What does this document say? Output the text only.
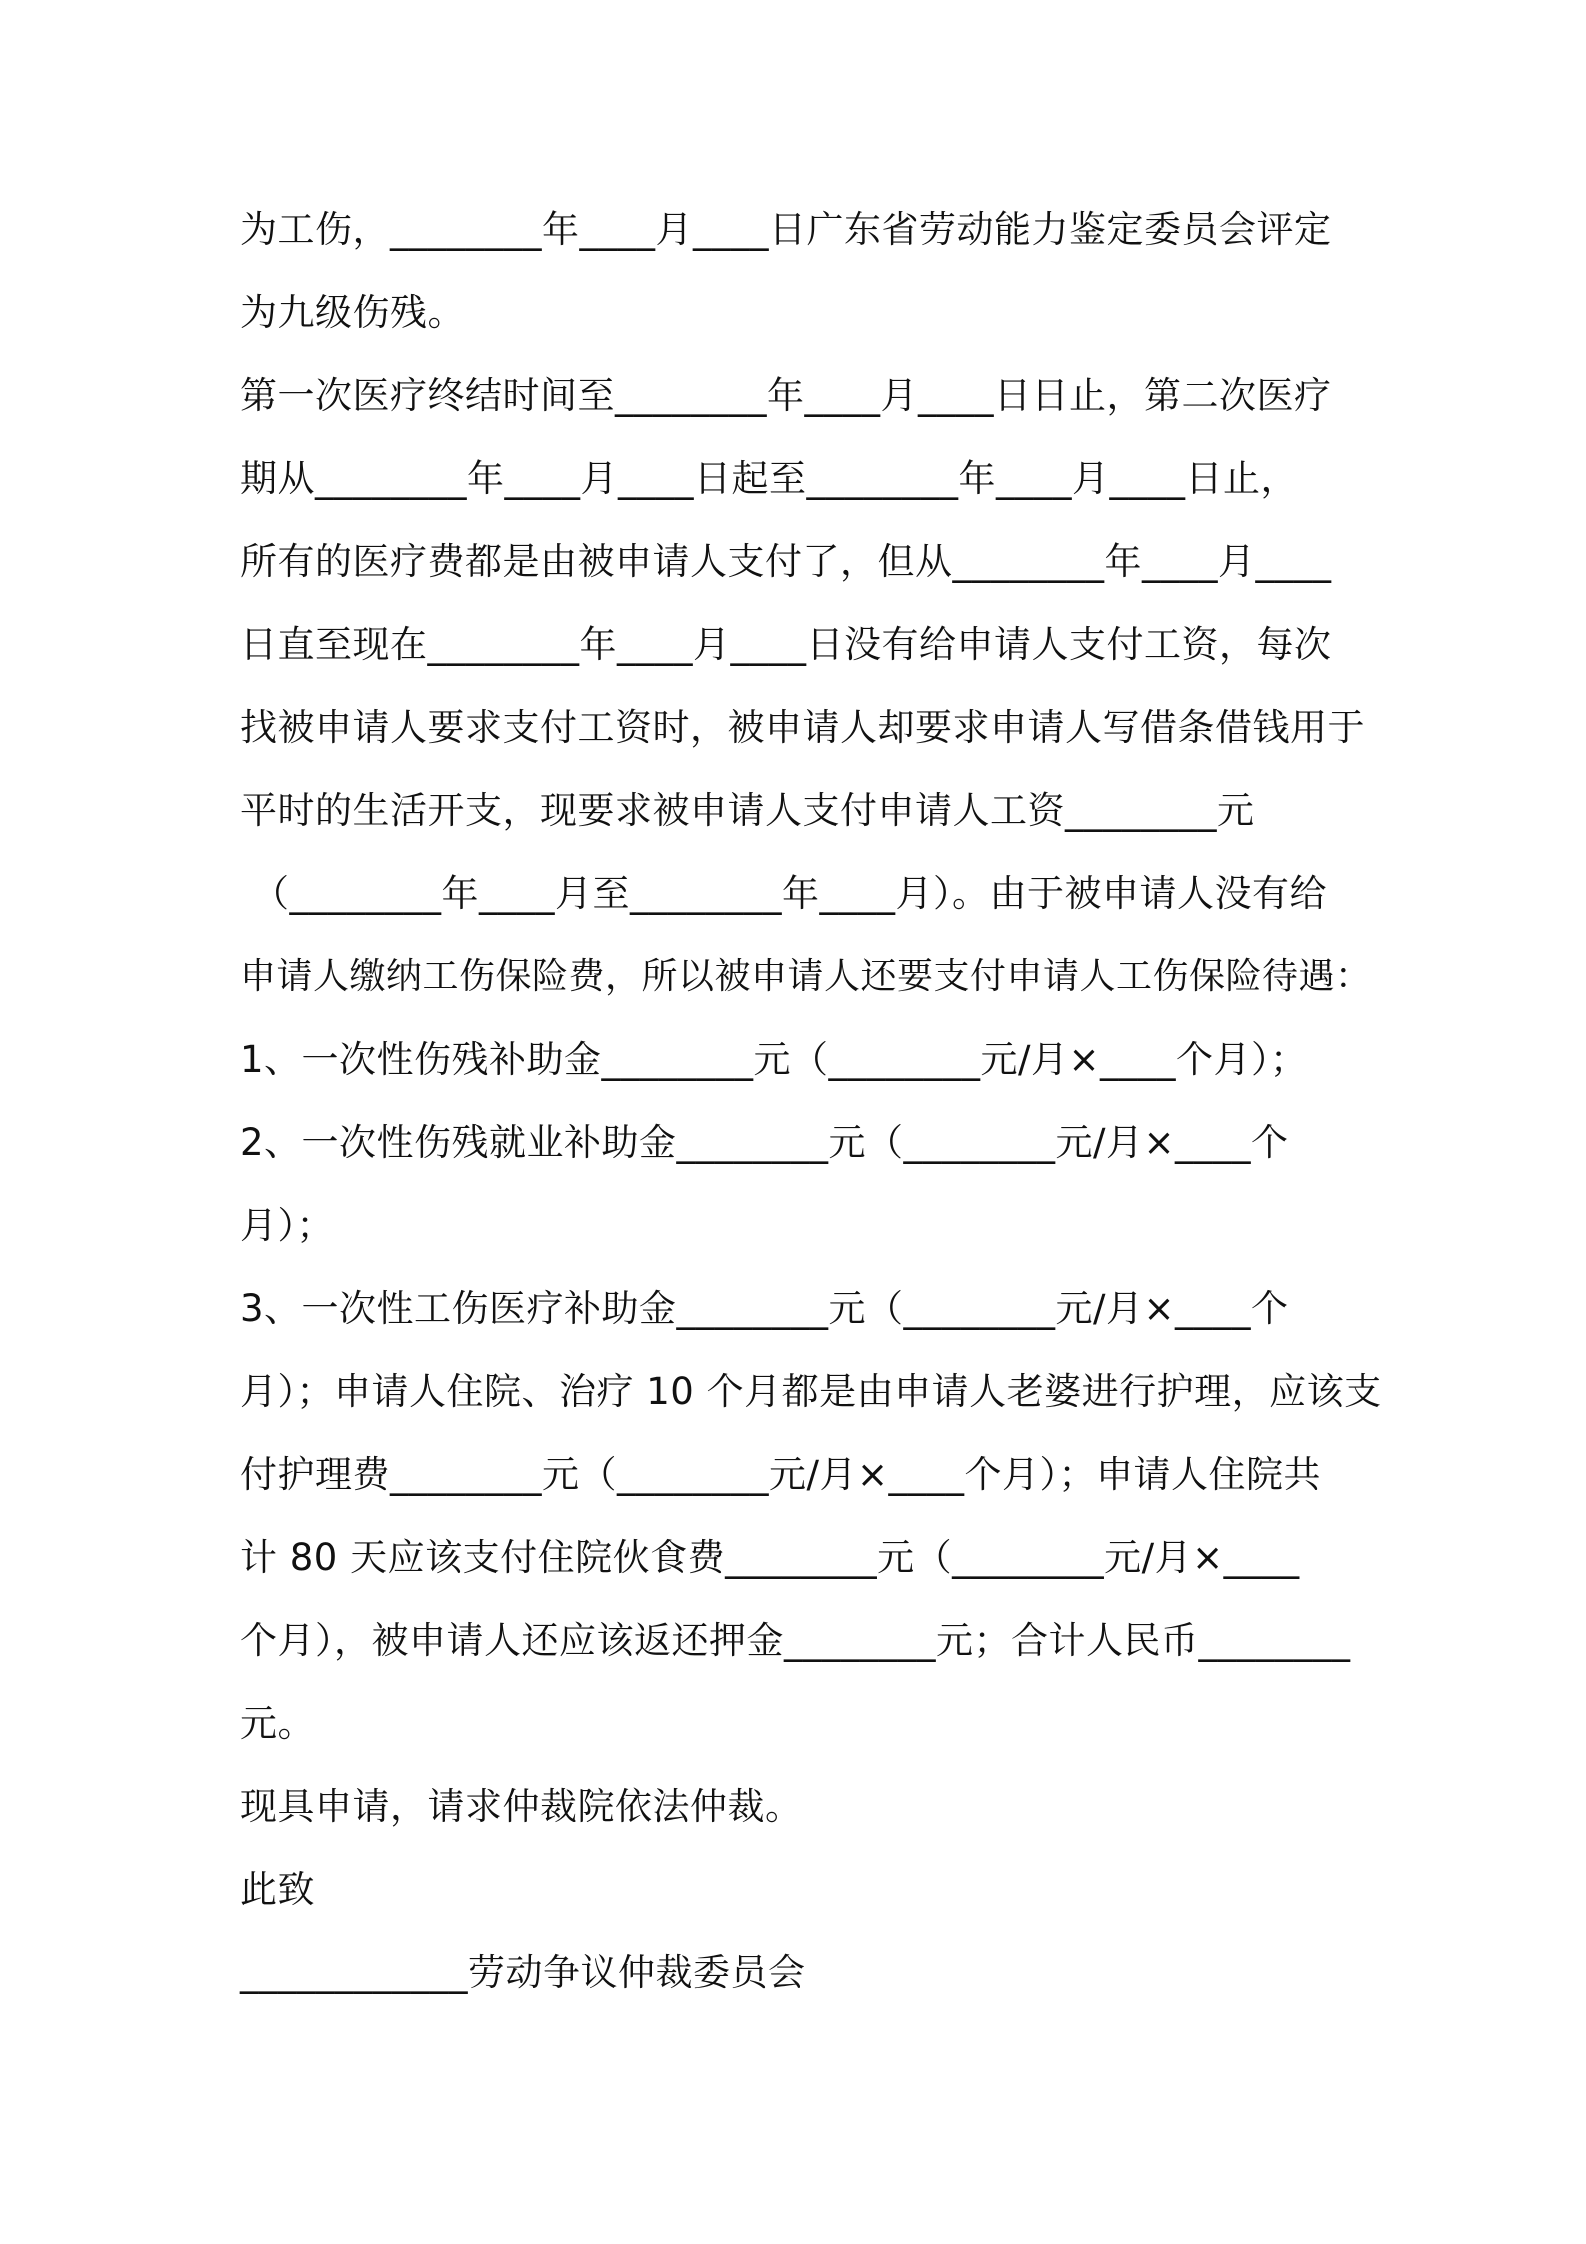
为工伤，________年____月____日广东省劳动能力鉴定委员会评定

为九级伤残。

第一次医疗终结时间至________年____月____日日止，第二次医疗

期从________年____月____日起至________年____月____日止，

所有的医疗费都是由被申请人支付了，但从________年____月____

日直至现在________年____月____日没有给申请人支付工资，每次

找被申请人要求支付工资时，被申请人却要求申请人写借条借钱用于

平时的生活开支，现要求被申请人支付申请人工资________元

（________年____月至________年____月）。由于被申请人没有给

申请人缴纳工伤保险费，所以被申请人还要支付申请人工伤保险待遇：

1、一次性伤残补助金________元（________元/月×____个月）；

2、一次性伤残就业补助金________元（________元/月×____个

月）；

3、一次性工伤医疗补助金________元（________元/月×____个

月）；申请人住院、治疗 10 个月都是由申请人老婆进行护理，应该支

付护理费________元（________元/月×____个月）；申请人住院共

计 80 天应该支付住院伙食费________元（________元/月×____

个月），被申请人还应该返还押金________元；合计人民币________

元。

现具申请，请求仲裁院依法仲裁。

此致

____________劳动争议仲裁委员会
